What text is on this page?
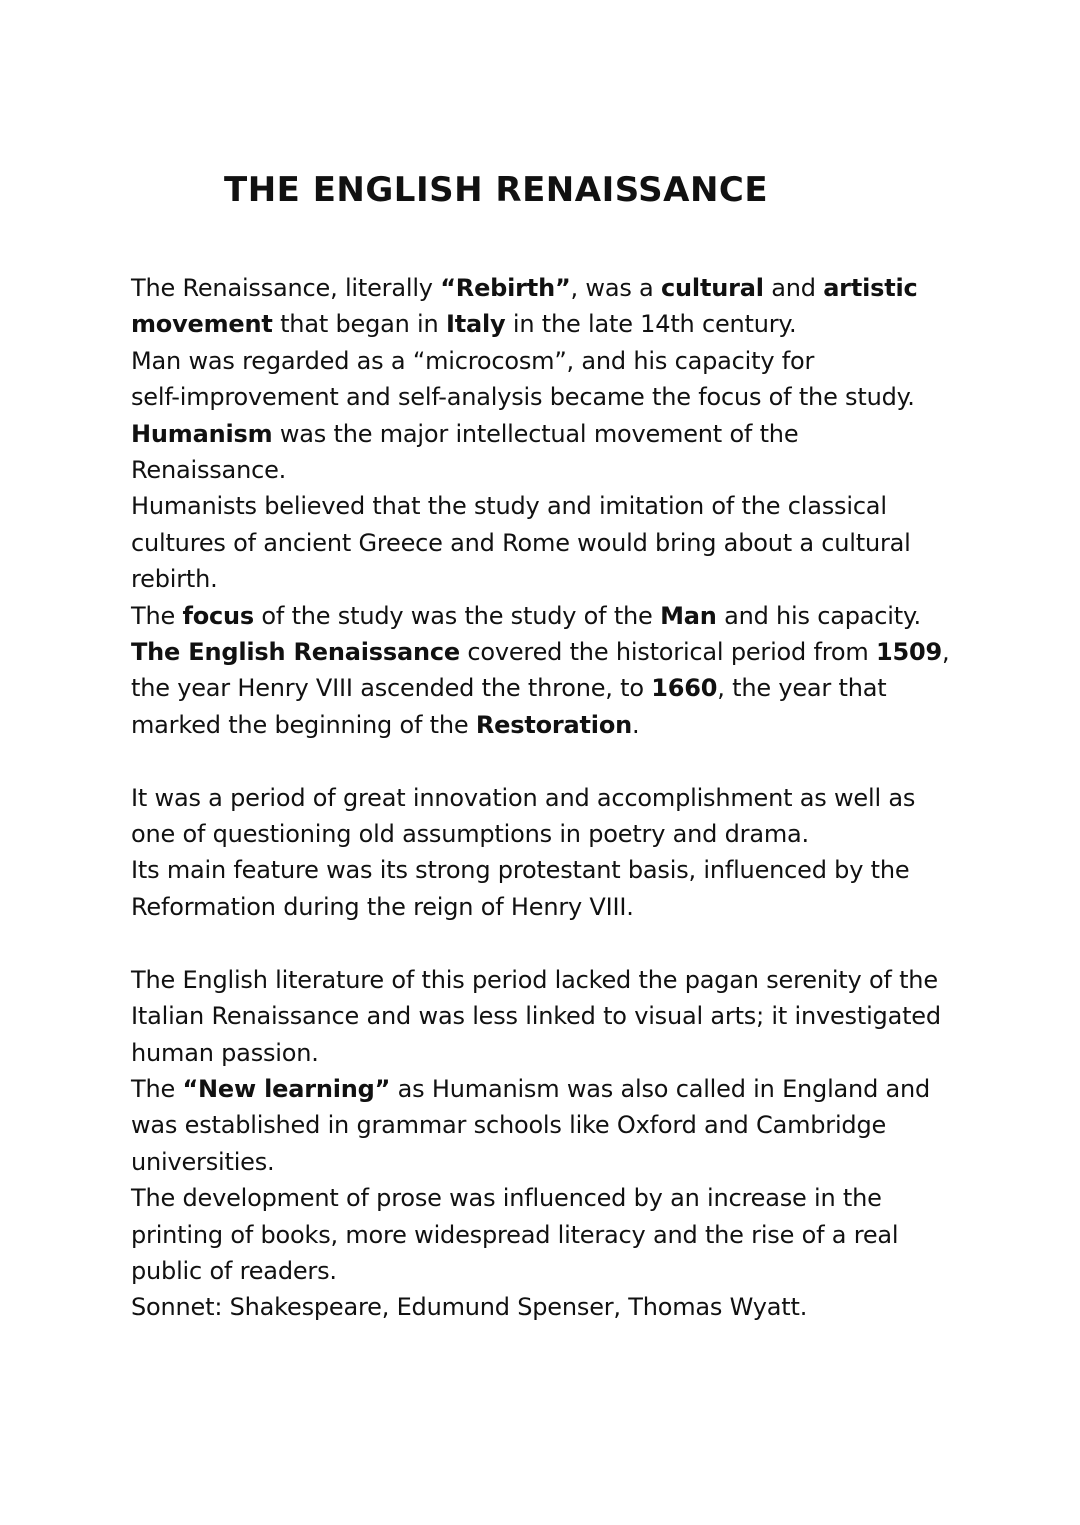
THE ENGLISH RENAISSANCE
The Renaissance, literally “Rebirth”, was a cultural and artistic
movement that began in Italy in the late 14th century.
Man was regarded as a “microcosm”, and his capacity for
self-improvement and self-analysis became the focus of the study.
Humanism was the major intellectual movement of the
Renaissance.
Humanists believed that the study and imitation of the classical
cultures of ancient Greece and Rome would bring about a cultural
rebirth.
The focus of the study was the study of the Man and his capacity.
The English Renaissance covered the historical period from 1509,
the year Henry VIII ascended the throne, to 1660, the year that
marked the beginning of the Restoration.
It was a period of great innovation and accomplishment as well as
one of questioning old assumptions in poetry and drama.
Its main feature was its strong protestant basis, influenced by the
Reformation during the reign of Henry VIII.
The English literature of this period lacked the pagan serenity of the
Italian Renaissance and was less linked to visual arts; it investigated
human passion.
The “New learning” as Humanism was also called in England and
was established in grammar schools like Oxford and Cambridge
universities.
The development of prose was influenced by an increase in the
printing of books, more widespread literacy and the rise of a real
public of readers.
Sonnet: Shakespeare, Edumund Spenser, Thomas Wyatt.
